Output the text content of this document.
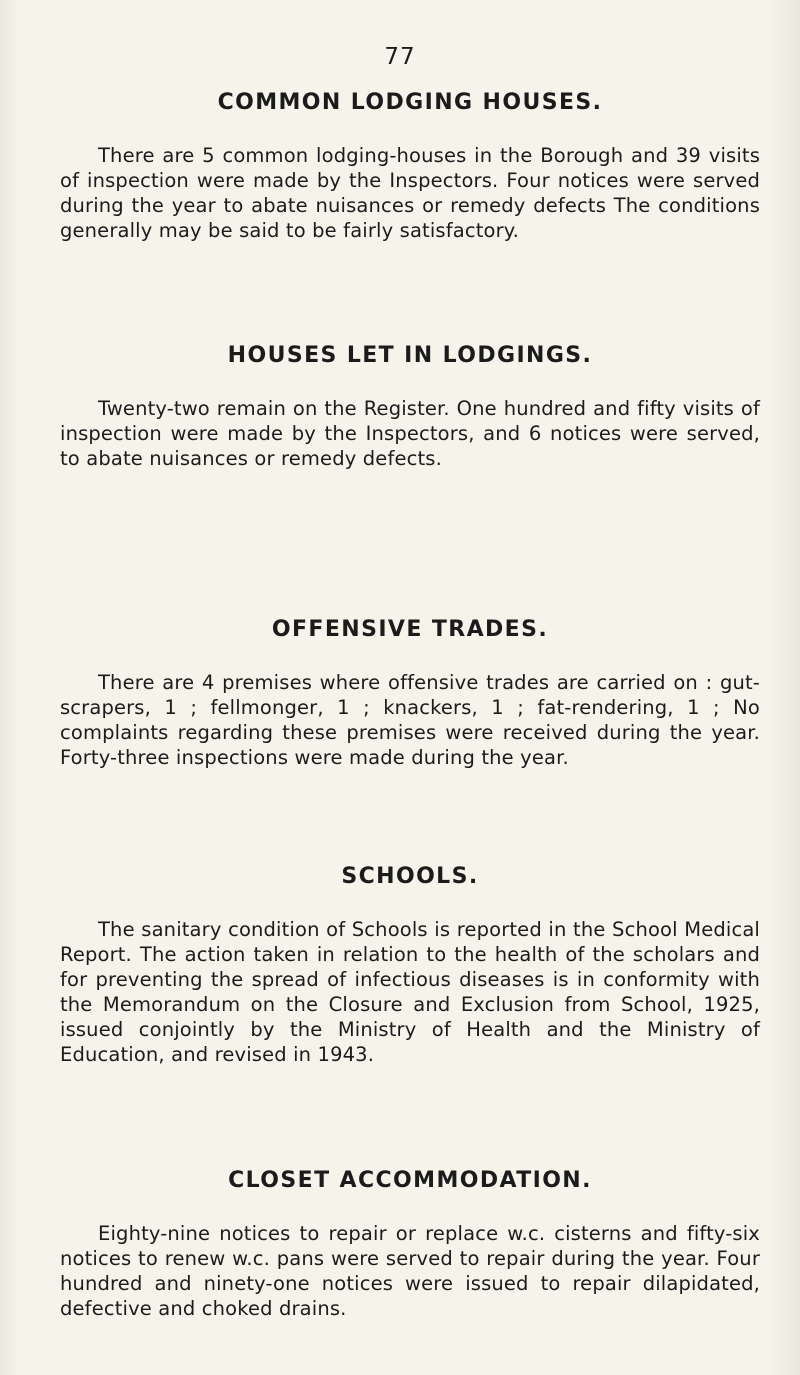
77
COMMON LODGING HOUSES.

There are 5 common lodging-houses in the Borough and 39 visits of inspection were made by the Inspectors. Four notices were served during the year to abate nuisances or remedy defects The conditions generally may be said to be fairly satisfactory.

HOUSES LET IN LODGINGS.

Twenty-two remain on the Register. One hundred and fifty visits of inspection were made by the Inspectors, and 6 notices were served, to abate nuisances or remedy defects.

OFFENSIVE TRADES.

There are 4 premises where offensive trades are carried on : gut-scrapers, 1 ; fellmonger, 1 ; knackers, 1 ; fat-rendering, 1 ; No complaints regarding these premises were received during the year. Forty-three inspections were made during the year.

SCHOOLS.

The sanitary condition of Schools is reported in the School Medical Report. The action taken in relation to the health of the scholars and for preventing the spread of infectious diseases is in conformity with the Memorandum on the Closure and Exclusion from School, 1925, issued conjointly by the Ministry of Health and the Ministry of Education, and revised in 1943.

CLOSET ACCOMMODATION.

Eighty-nine notices to repair or replace w.c. cisterns and fifty-six notices to renew w.c. pans were served to repair during the year. Four hundred and ninety-one notices were issued to repair dilapidated, defective and choked drains.
